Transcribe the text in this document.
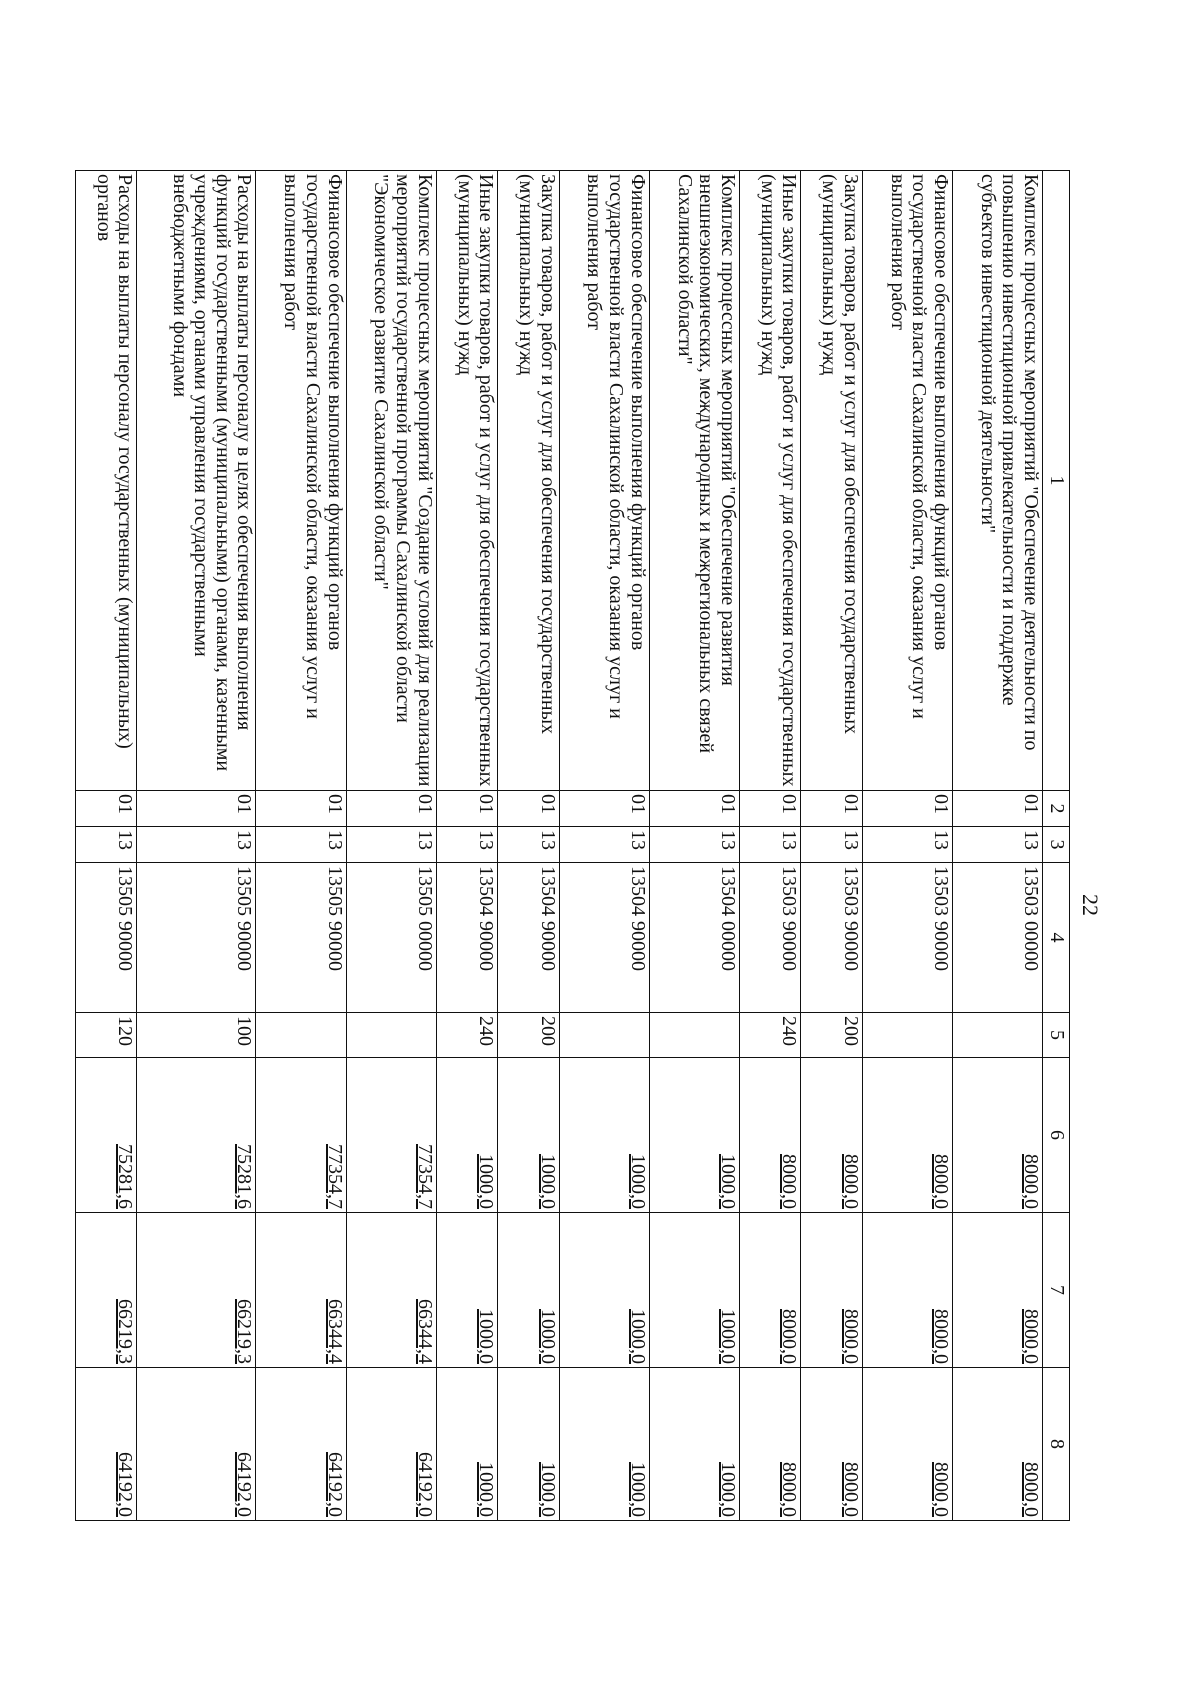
22
1	2	3	4	5	6	7	8
Комплекс процессных мероприятий "Обеспечение деятельности по повышению инвестиционной привлекательности и поддержке субъектов инвестиционной деятельности"	01	13	13503 00000		8000,0	8000,0	8000,0
Финансовое обеспечение выполнения функций органов государственной власти Сахалинской области, оказания услуг и выполнения работ	01	13	13503 90000		8000,0	8000,0	8000,0
Закупка товаров, работ и услуг для обеспечения государственных (муниципальных) нужд	01	13	13503 90000	200	8000,0	8000,0	8000,0
Иные закупки товаров, работ и услуг для обеспечения государственных (муниципальных) нужд	01	13	13503 90000	240	8000,0	8000,0	8000,0
Комплекс процессных мероприятий "Обеспечение развития внешнеэкономических, международных и межрегиональных связей Сахалинской области"	01	13	13504 00000		1000,0	1000,0	1000,0
Финансовое обеспечение выполнения функций органов государственной власти Сахалинской области, оказания услуг и выполнения работ	01	13	13504 90000		1000,0	1000,0	1000,0
Закупка товаров, работ и услуг для обеспечения государственных (муниципальных) нужд	01	13	13504 90000	200	1000,0	1000,0	1000,0
Иные закупки товаров, работ и услуг для обеспечения государственных (муниципальных) нужд	01	13	13504 90000	240	1000,0	1000,0	1000,0
Комплекс процессных мероприятий "Создание условий для реализации мероприятий государственной программы Сахалинской области "Экономическое развитие Сахалинской области"	01	13	13505 00000		77354,7	66344,4	64192,0
Финансовое обеспечение выполнения функций органов государственной власти Сахалинской области, оказания услуг и выполнения работ	01	13	13505 90000		77354,7	66344,4	64192,0
Расходы на выплаты персоналу в целях обеспечения выполнения функций государственными (муниципальными) органами, казенными учреждениями, органами управления государственными внебюджетными фондами	01	13	13505 90000	100	75281,6	66219,3	64192,0
Расходы на выплаты персоналу государственных (муниципальных) органов	01	13	13505 90000	120	75281,6	66219,3	64192,0
